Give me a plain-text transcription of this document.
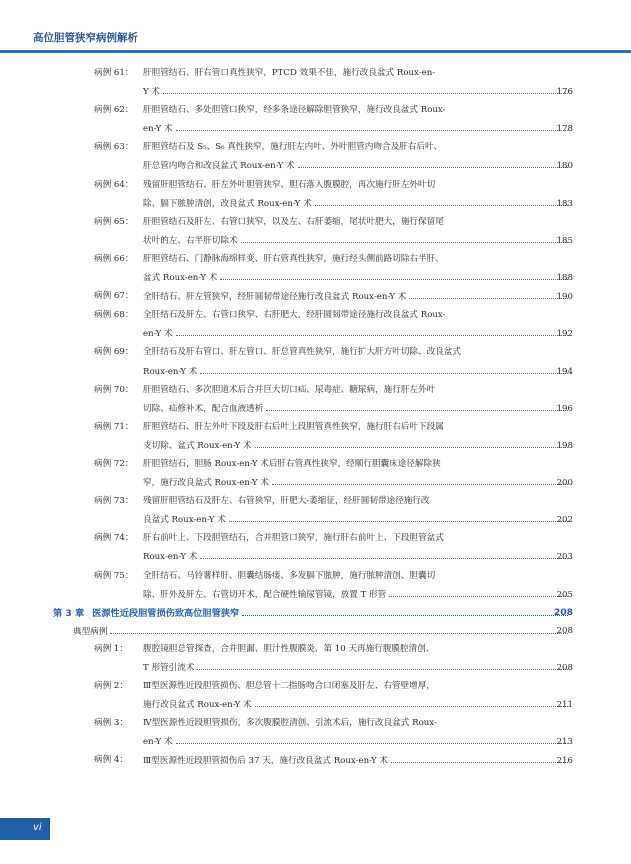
高位胆管狭窄病例解析
病例 61： 肝胆管结石、肝右管口真性狭窄，PTCD 效果不佳，施行改良盆式 Roux-en-
Y 术	176
病例 62： 肝胆管结石、多处胆管口狭窄，经多条途径解除胆管狭窄，施行改良盆式 Roux-
en-Y 术	178
病例 63： 肝胆管结石及 S₅、S₆ 真性狭窄，施行肝左内叶、外叶胆管内吻合及肝右后叶、
肝总管内吻合和改良盆式 Roux-en-Y 术	180
病例 64： 残留肝胆管结石、肝左外叶胆管狭窄、胆石落入腹膜腔，再次施行肝左外叶切
除、膈下脓肿清创，改良盆式 Roux-en-Y 术	183
病例 65： 肝胆管结石及肝左、右管口狭窄，以及左、右肝萎缩，尾状叶肥大，施行保留尾
状叶的左、右半肝切除术	185
病例 66： 肝胆管结石、门静脉海绵样变、肝右管真性狭窄，施行经头侧前路切除右半肝、
盆式 Roux-en-Y 术	188
病例 67： 全肝结石、肝左管狭窄，经肝圆韧带途径施行改良盆式 Roux-en-Y 术	190
病例 68： 全肝结石及肝左、右管口狭窄、右肝肥大，经肝圆韧带途径施行改良盆式 Roux-
en-Y 术	192
病例 69： 全肝结石及肝右管口、肝左管口、肝总管真性狭窄，施行扩大肝方叶切除、改良盆式
Roux-en-Y 术	194
病例 70： 肝胆管结石、多次胆道术后合并巨大切口疝、尿毒症、糖尿病，施行肝左外叶
切除、疝修补术，配合血液透析	196
病例 71： 肝胆管结石、肝左外叶下段及肝右后叶上段胆管真性狭窄，施行肝右后叶下段属
支切除、盆式 Roux-en-Y 术	198
病例 72： 肝胆管结石，胆肠 Roux-en-Y 术后肝右管真性狭窄，经顺行胆囊床途径解除狭
窄，施行改良盆式 Roux-en-Y 术	200
病例 73： 残留肝胆管结石及肝左、右管狭窄，肝肥大-萎缩征，经肝圆韧带途径施行改
良盆式 Roux-en-Y 术	202
病例 74： 肝右前叶上、下段胆管结石，合并胆管口狭窄，施行肝右前叶上、下段胆管盆式
Roux-en-Y 术	203
病例 75： 全肝结石、马铃薯样肝、胆囊结肠瘘、多发膈下脓肿，施行脓肿清创、胆囊切
除、肝外及肝左、右管切开术，配合硬性输尿管镜，放置 T 形管	205
第 3 章 医源性近段胆管损伤致高位胆管狭窄	208
典型病例	208
病例 1： 腹腔镜胆总管探查，合并胆漏、胆汁性腹膜炎，第 10 天再施行腹膜腔清创、
T 形管引流术	208
病例 2： Ⅲ型医源性近段胆管损伤、胆总管十二指肠吻合口闭塞及肝左、右管壁增厚，
施行改良盆式 Roux-en-Y 术	211
病例 3： Ⅳ型医源性近段胆管损伤，多次腹膜腔清创、引流术后，施行改良盆式 Roux-
en-Y 术	213
病例 4： Ⅲ型医源性近段胆管损伤后 37 天，施行改良盆式 Roux-en-Y 术	216
vi
